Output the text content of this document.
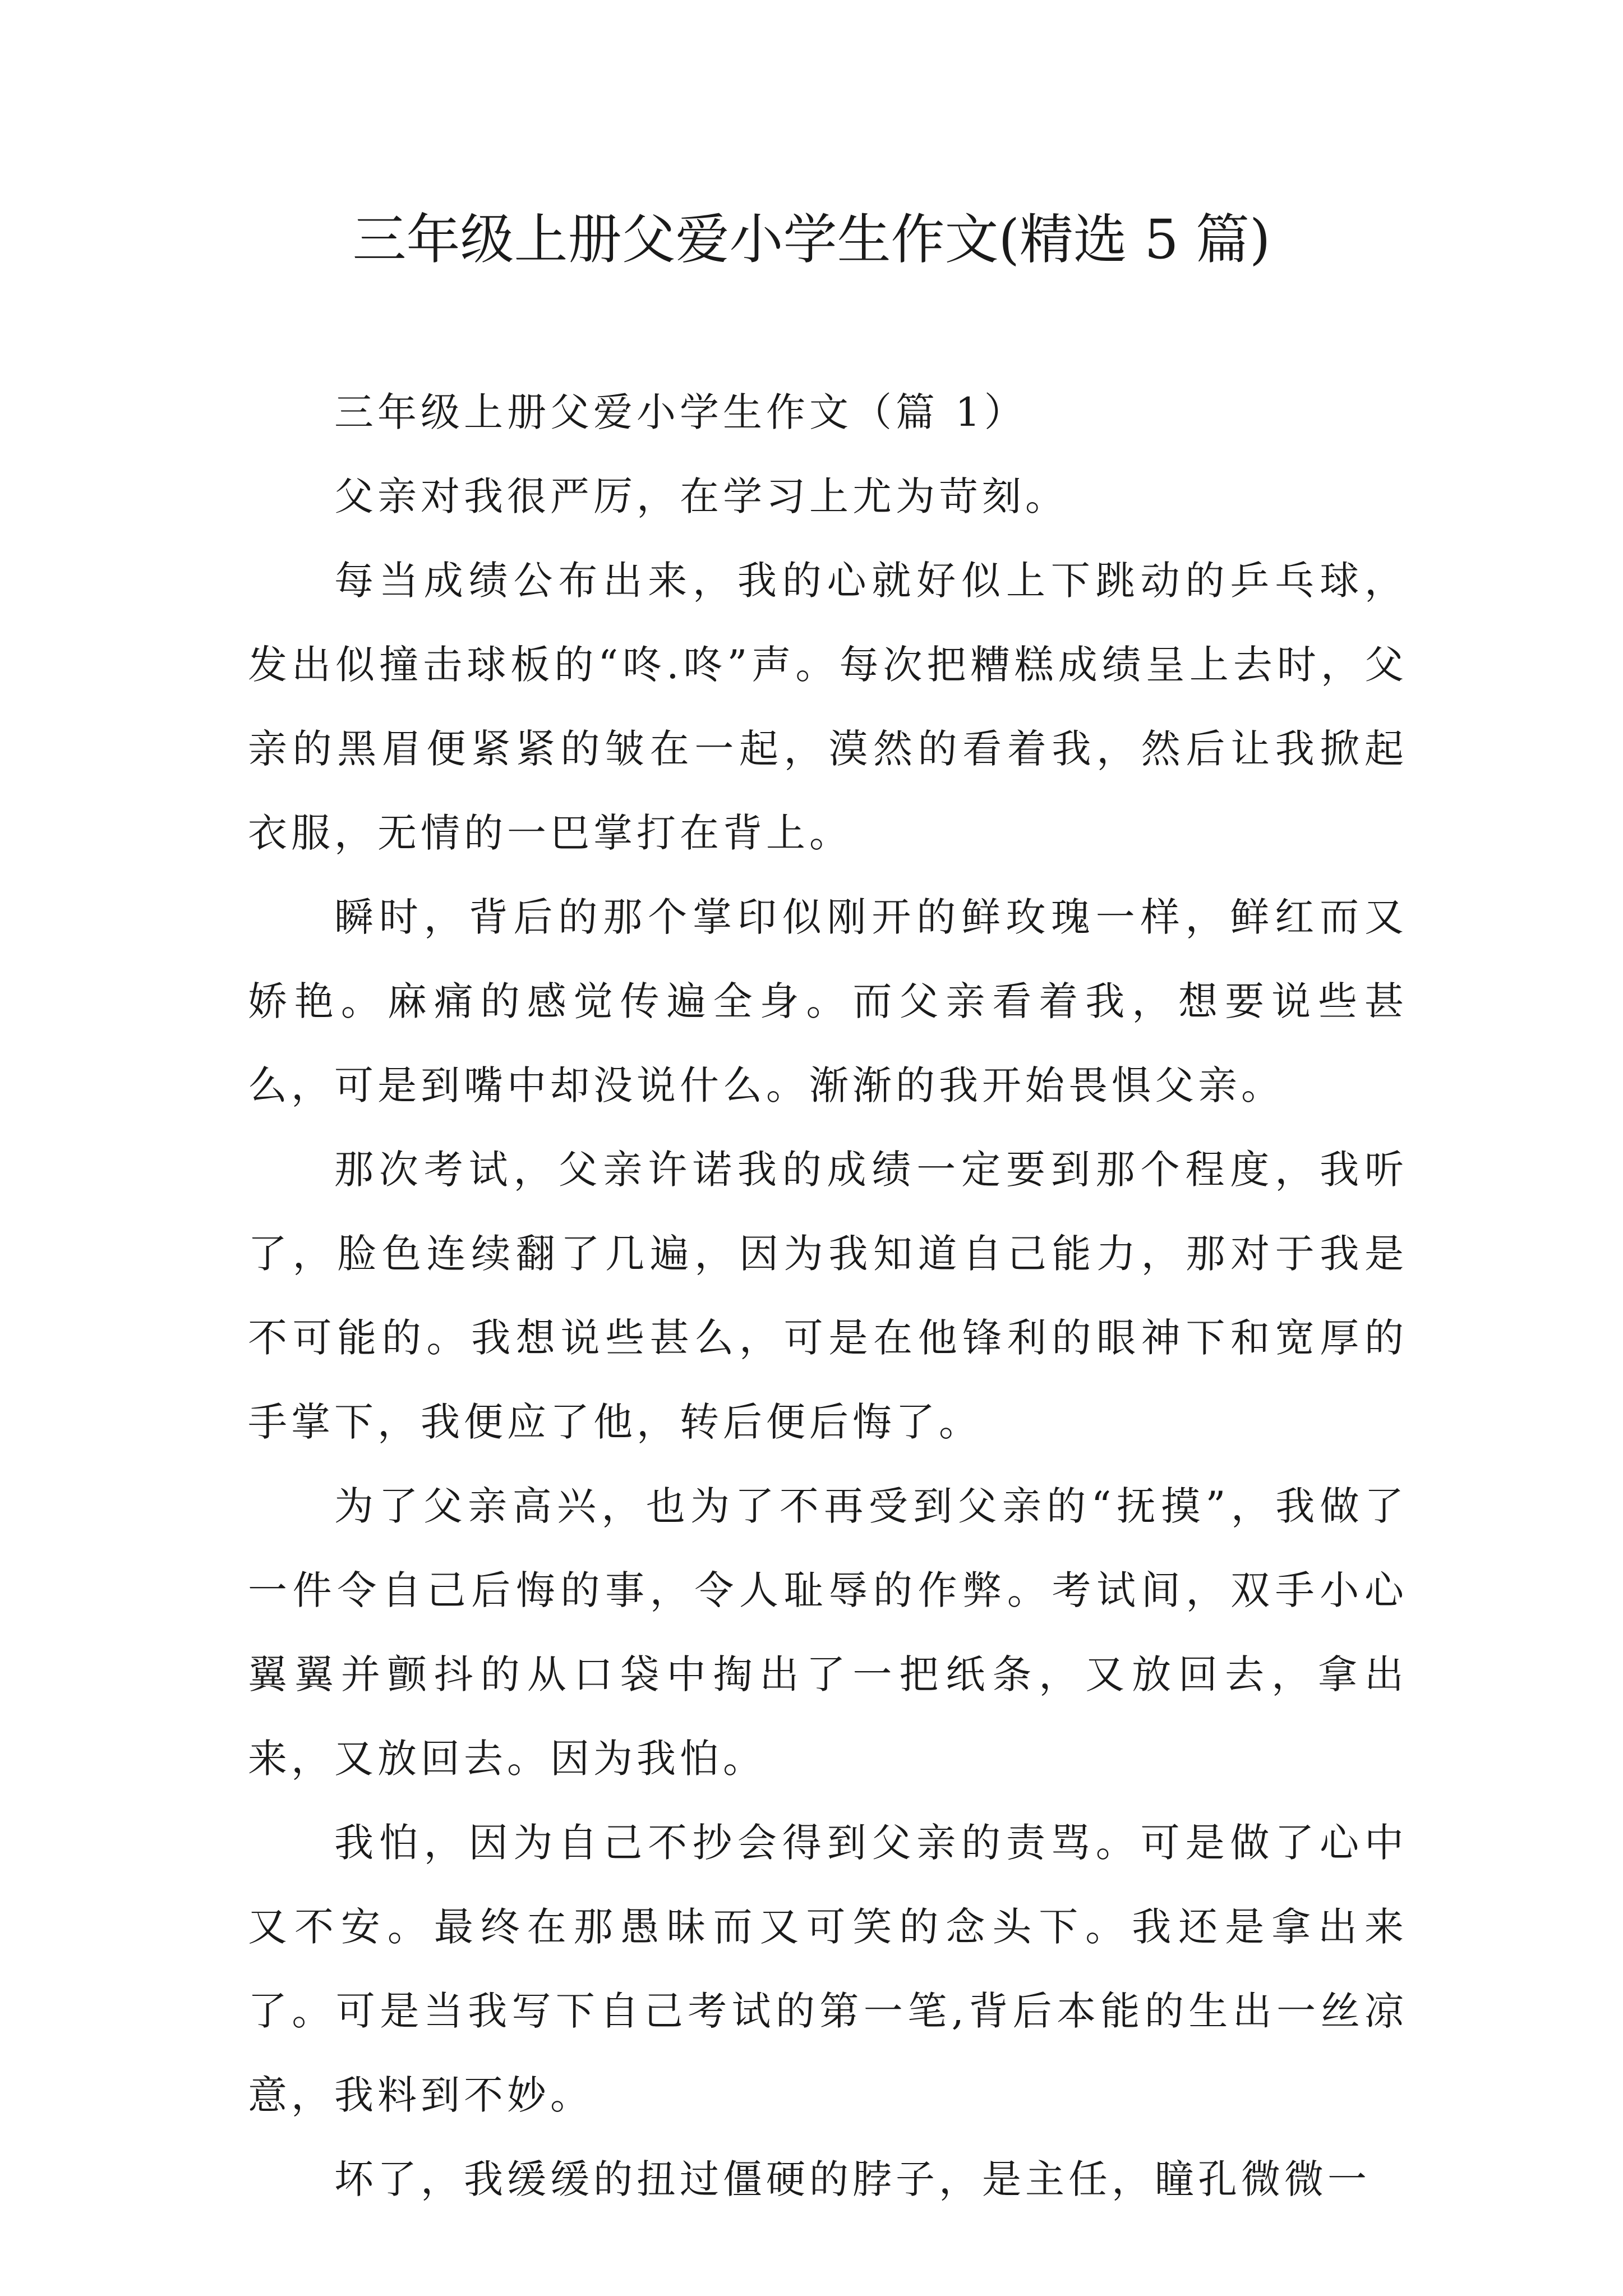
三年级上册父爱小学生作文(精选 5 篇)

三年级上册父爱小学生作文（篇 1）

父亲对我很严厉，在学习上尤为苛刻。

每当成绩公布出来，我的心就好似上下跳动的乒乓球，发出似撞击球板的“咚.咚”声。每次把糟糕成绩呈上去时，父亲的黑眉便紧紧的皱在一起，漠然的看着我，然后让我掀起衣服，无情的一巴掌打在背上。

瞬时，背后的那个掌印似刚开的鲜玫瑰一样，鲜红而又娇艳。麻痛的感觉传遍全身。而父亲看着我，想要说些甚么，可是到嘴中却没说什么。渐渐的我开始畏惧父亲。

那次考试，父亲许诺我的成绩一定要到那个程度，我听了，脸色连续翻了几遍，因为我知道自己能力，那对于我是不可能的。我想说些甚么，可是在他锋利的眼神下和宽厚的手掌下，我便应了他，转后便后悔了。

为了父亲高兴，也为了不再受到父亲的“抚摸”，我做了一件令自己后悔的事，令人耻辱的作弊。考试间，双手小心翼翼并颤抖的从口袋中掏出了一把纸条，又放回去，拿出来，又放回去。因为我怕。

我怕，因为自己不抄会得到父亲的责骂。可是做了心中又不安。最终在那愚昧而又可笑的念头下。我还是拿出来了。可是当我写下自己考试的第一笔,背后本能的生出一丝凉意，我料到不妙。

坏了，我缓缓的扭过僵硬的脖子，是主任，瞳孔微微一
